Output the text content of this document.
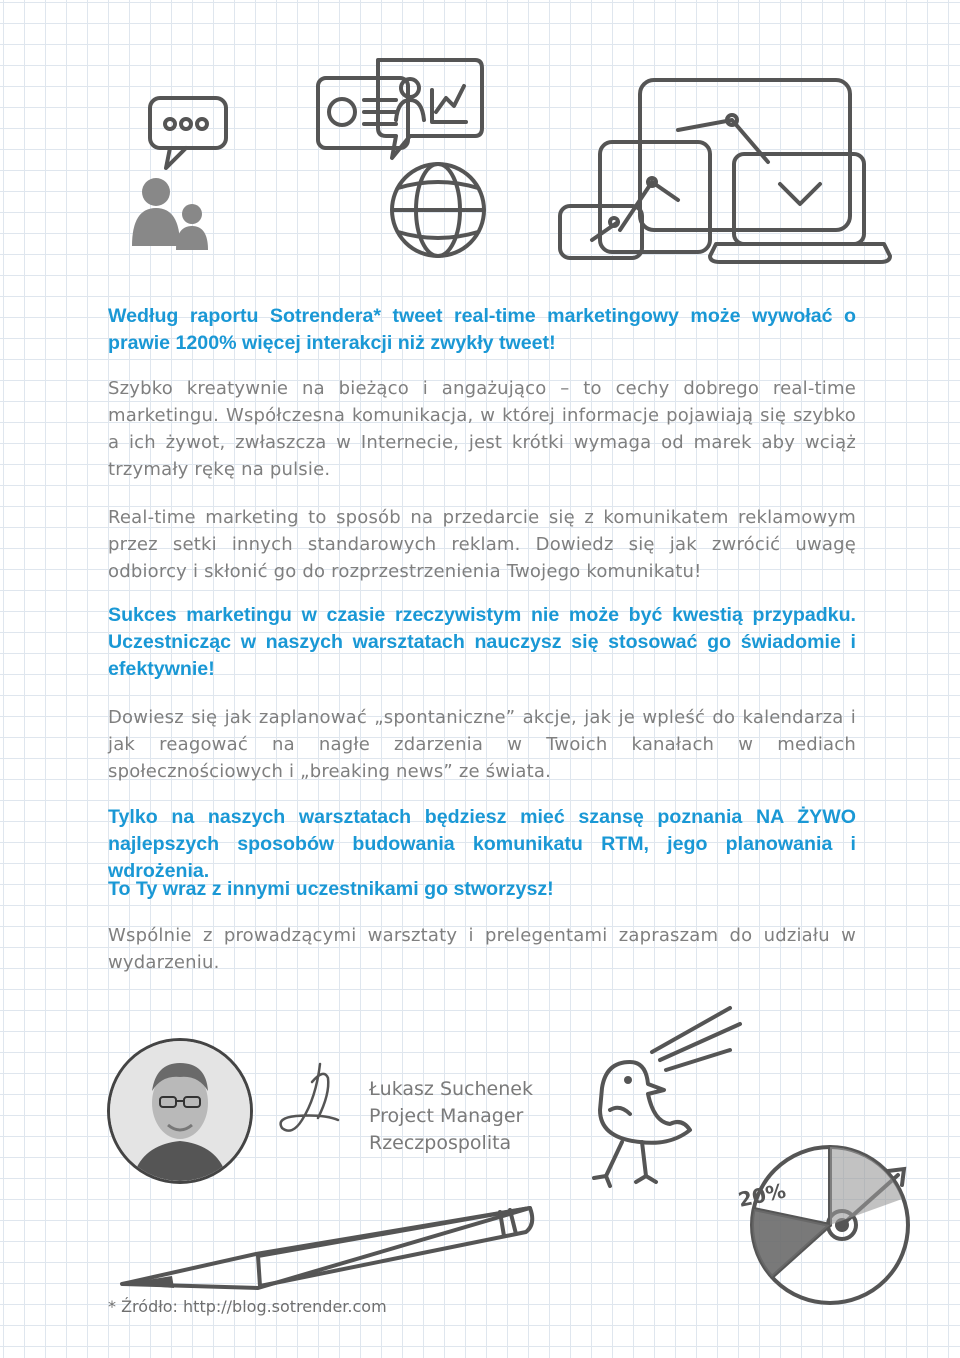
Według raportu Sotrendera* tweet real-time marketingowy może wywołać o prawie 1200% więcej interakcji niż zwykły tweet!

Szybko kreatywnie na bieżąco i angażująco – to cechy dobrego real-time marketingu. Współczesna komunikacja, w której informacje pojawiają się szybko a ich żywot, zwłaszcza w Internecie, jest krótki wymaga od marek aby wciąż trzymały rękę na pulsie.

Real-time marketing to sposób na przedarcie się z komunikatem reklamowym przez setki innych standarowych reklam. Dowiedz się jak zwrócić uwagę odbiorcy i skłonić go do rozprzestrzenienia Twojego komunikatu!

Sukces marketingu w czasie rzeczywistym nie może być kwestią przypadku. Uczestnicząc w naszych warsztatach nauczysz się stosować go świadomie i efektywnie!

Dowiesz się jak zaplanować „spontaniczne” akcje, jak je wpleść do kalendarza i jak reagować na nagłe zdarzenia w Twoich kanałach w mediach społecznościowych i „breaking news” ze świata.

Tylko na naszych warsztatach będziesz mieć szansę poznania NA ŻYWO najlepszych sposobów budowania komunikatu RTM, jego planowania i wdrożenia.

To Ty wraz z innymi uczestnikami go stworzysz!

Wspólnie z prowadzącymi warsztaty i prelegentami zapraszam do udziału w wydarzeniu.

Łukasz Suchenek
Project Manager
Rzeczpospolita
20%
* Źródło: http://blog.sotrender.com
